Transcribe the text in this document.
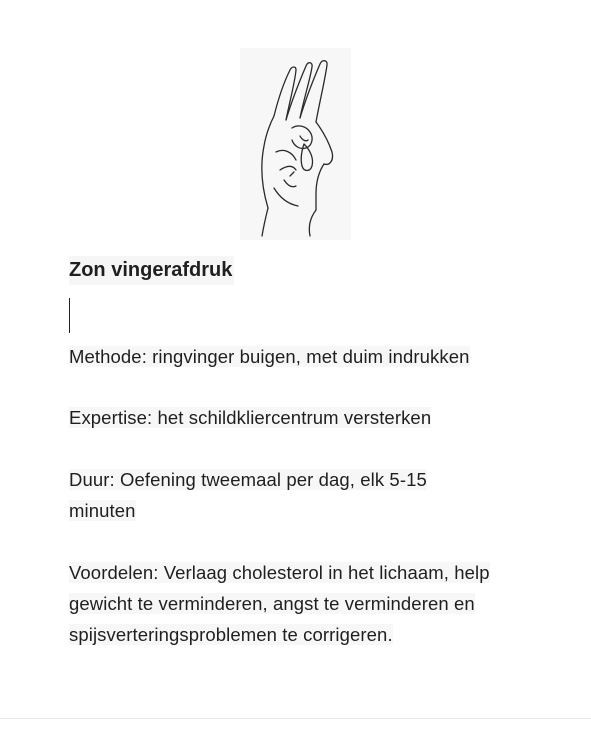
Zon vingerafdruk
Methode: ringvinger buigen, met duim indrukken
Expertise: het schildkliercentrum versterken
Duur: Oefening tweemaal per dag, elk 5-15 minuten
Voordelen: Verlaag cholesterol in het lichaam, help gewicht te verminderen, angst te verminderen en spijsverteringsproblemen te corrigeren.
